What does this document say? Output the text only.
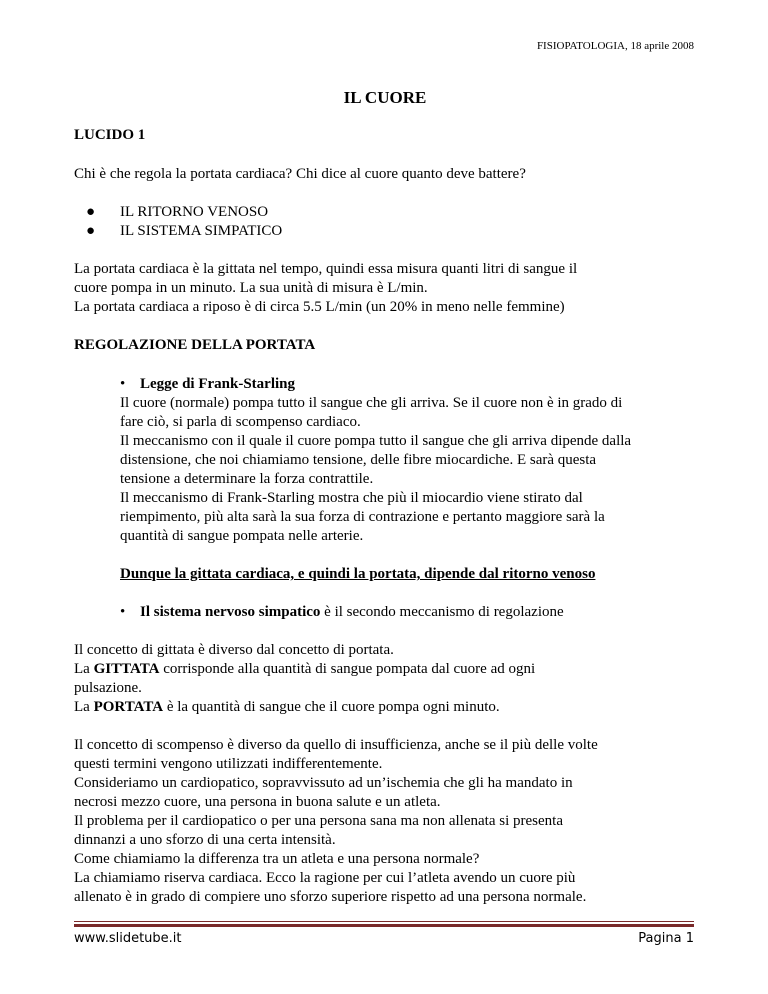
FISIOPATOLOGIA, 18 aprile 2008

IL CUORE

LUCIDO 1

Chi è che regola la portata cardiaca? Chi dice al cuore quanto deve battere?

● IL RITORNO VENOSO
● IL SISTEMA SIMPATICO

La portata cardiaca è la gittata nel tempo, quindi essa misura quanti litri di sangue il

cuore pompa in un minuto. La sua unità di misura è L/min.

La portata cardiaca a riposo è di circa 5.5 L/min (un 20% in meno nelle femmine)

REGOLAZIONE DELLA PORTATA

• Legge di Frank-Starling

Il cuore (normale) pompa tutto il sangue che gli arriva. Se il cuore non è in grado di

fare ciò, si parla di scompenso cardiaco.

Il meccanismo con il quale il cuore pompa tutto il sangue che gli arriva dipende dalla

distensione, che noi chiamiamo tensione, delle fibre miocardiche. E sarà questa

tensione a determinare la forza contrattile.

Il meccanismo di Frank-Starling mostra che più il miocardio viene stirato dal

riempimento, più alta sarà la sua forza di contrazione e pertanto maggiore sarà la

quantità di sangue pompata nelle arterie.

Dunque la gittata cardiaca, e quindi la portata, dipende dal ritorno venoso

• Il sistema nervoso simpatico è il secondo meccanismo di regolazione

Il concetto di gittata è diverso dal concetto di portata.

La GITTATA corrisponde alla quantità di sangue pompata dal cuore ad ogni

pulsazione.

La PORTATA è la quantità di sangue che il cuore pompa ogni minuto.

Il concetto di scompenso è diverso da quello di insufficienza, anche se il più delle volte

questi termini vengono utilizzati indifferentemente.

Consideriamo un cardiopatico, sopravvissuto ad un’ischemia che gli ha mandato in

necrosi mezzo cuore, una persona in buona salute e un atleta.

Il problema per il cardiopatico o per una persona sana ma non allenata si presenta

dinnanzi a uno sforzo di una certa intensità.

Come chiamiamo la differenza tra un atleta e una persona normale?

La chiamiamo riserva cardiaca. Ecco la ragione per cui l’atleta avendo un cuore più

allenato è in grado di compiere uno sforzo superiore rispetto ad una persona normale.

www.slidetube.it	Pagina 1
